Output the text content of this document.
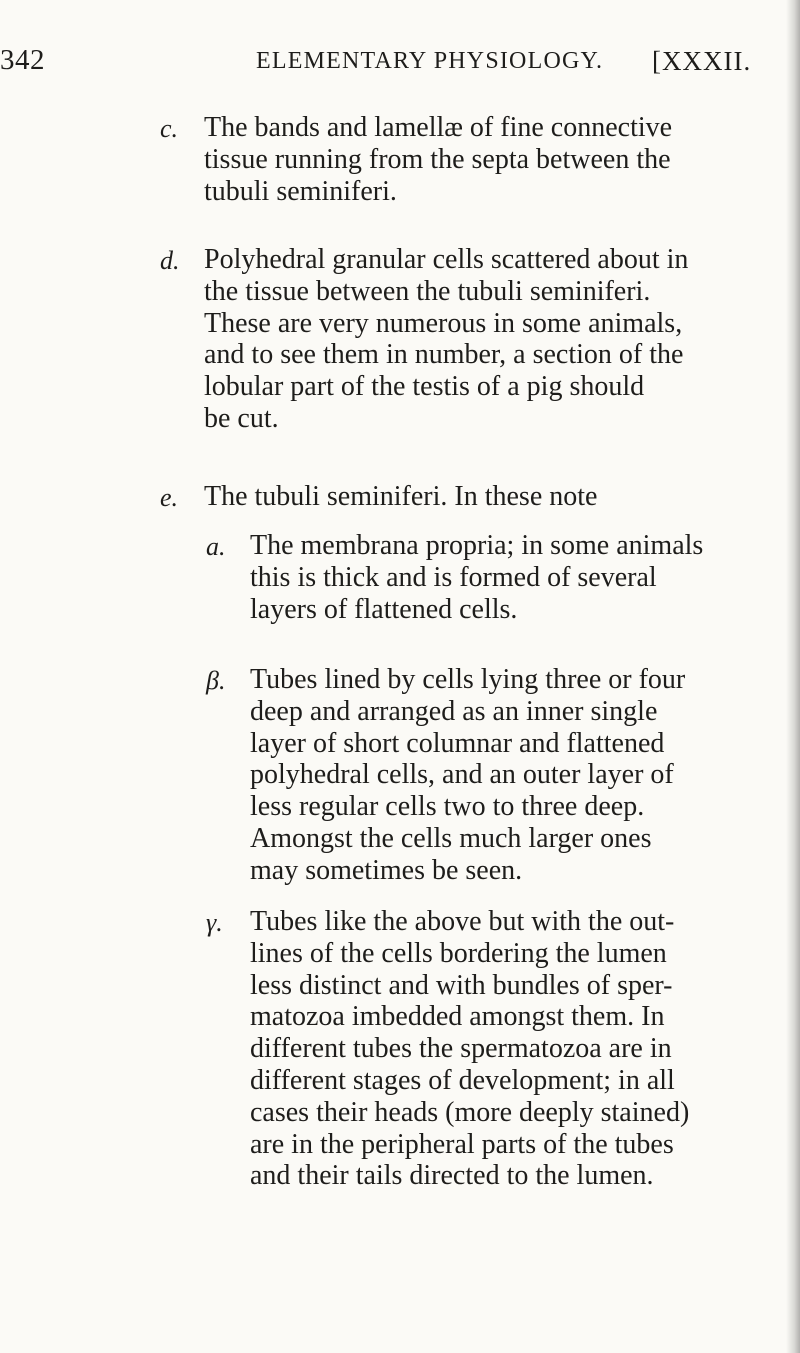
342	ELEMENTARY PHYSIOLOGY. [XXXII.
c. The bands and lamellæ of fine connective

tissue running from the septa between the

tubuli seminiferi.

d. Polyhedral granular cells scattered about in

the tissue between the tubuli seminiferi.

These are very numerous in some animals,

and to see them in number, a section of the

lobular part of the testis of a pig should

be cut.

e. The tubuli seminiferi. In these note

a. The membrana propria; in some animals

this is thick and is formed of several

layers of flattened cells.

β. Tubes lined by cells lying three or four

deep and arranged as an inner single

layer of short columnar and flattened

polyhedral cells, and an outer layer of

less regular cells two to three deep.

Amongst the cells much larger ones

may sometimes be seen.

γ. Tubes like the above but with the out-

lines of the cells bordering the lumen

less distinct and with bundles of sper-

matozoa imbedded amongst them. In

different tubes the spermatozoa are in

different stages of development; in all

cases their heads (more deeply stained)

are in the peripheral parts of the tubes

and their tails directed to the lumen.
